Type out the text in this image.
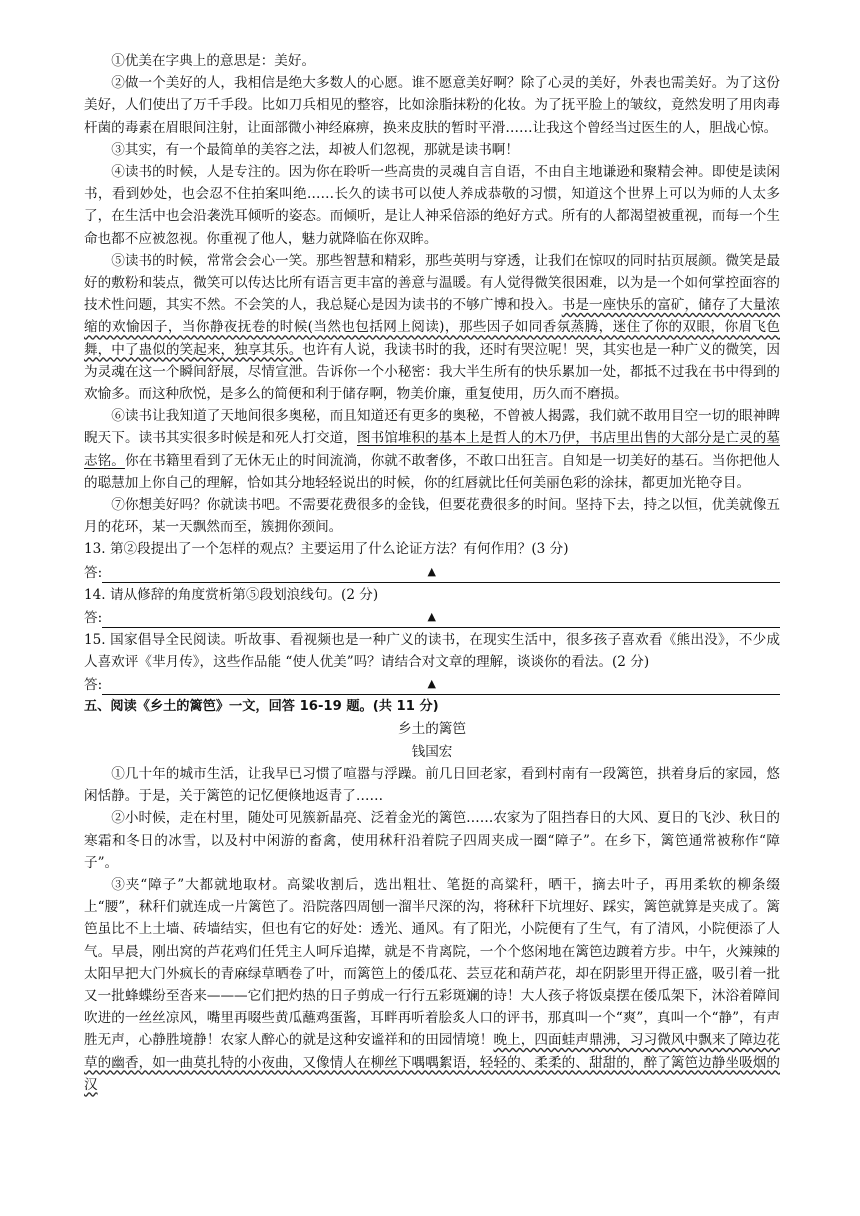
①优美在字典上的意思是：美好。

②做一个美好的人，我相信是绝大多数人的心愿。谁不愿意美好啊？除了心灵的美好，外表也需美好。为了这份美好，人们使出了万千手段。比如刀兵相见的整容，比如涂脂抹粉的化妆。为了抚平脸上的皱纹，竟然发明了用肉毒杆菌的毒素在眉眼间注射，让面部微小神经麻痹，换来皮肤的暂时平滑……让我这个曾经当过医生的人，胆战心惊。

③其实，有一个最简单的美容之法，却被人们忽视，那就是读书啊！

④读书的时候，人是专注的。因为你在聆听一些高贵的灵魂自言自语，不由自主地谦逊和聚精会神。即使是读闲书，看到妙处，也会忍不住拍案叫绝……长久的读书可以使人养成恭敬的习惯，知道这个世界上可以为师的人太多了，在生活中也会沿袭洗耳倾听的姿态。而倾听，是让人神采倍添的绝好方式。所有的人都渴望被重视，而每一个生命也都不应被忽视。你重视了他人，魅力就降临在你双眸。

⑤读书的时候，常常会会心一笑。那些智慧和精彩，那些英明与穿透，让我们在惊叹的同时拈页展颜。微笑是最好的敷粉和装点，微笑可以传达比所有语言更丰富的善意与温暖。有人觉得微笑很困难，以为是一个如何掌控面容的技术性问题，其实不然。不会笑的人，我总疑心是因为读书的不够广博和投入。书是一座快乐的富矿，储存了大量浓缩的欢愉因子，当你静夜抚卷的时候(当然也包括网上阅读)，那些因子如同香氛蒸腾，迷住了你的双眼，你眉飞色舞，中了蛊似的笑起来，独享其乐。也许有人说，我读书时的我，还时有哭泣呢！哭，其实也是一种广义的微笑，因为灵魂在这一个瞬间舒展，尽情宣泄。告诉你一个小秘密：我大半生所有的快乐累加一处，都抵不过我在书中得到的欢愉多。而这种欣悦，是多么的简便和利于储存啊，物美价廉，重复使用，历久而不磨损。

⑥读书让我知道了天地间很多奥秘，而且知道还有更多的奥秘，不曾被人揭露，我们就不敢用目空一切的眼神睥睨天下。读书其实很多时候是和死人打交道，图书馆堆积的基本上是哲人的木乃伊，书店里出售的大部分是亡灵的墓志铭。你在书籍里看到了无休无止的时间流淌，你就不敢奢侈，不敢口出狂言。自知是一切美好的基石。当你把他人的聪慧加上你自己的理解，恰如其分地轻轻说出的时候，你的红唇就比任何美丽色彩的涂抹，都更加光艳夺目。

⑦你想美好吗？你就读书吧。不需要花费很多的金钱，但要花费很多的时间。坚持下去，持之以恒，优美就像五月的花环，某一天飘然而至，簇拥你颈间。

13. 第②段提出了一个怎样的观点？主要运用了什么论证方法？有何作用？(3 分)

答:	▲

14. 请从修辞的角度赏析第⑤段划浪线句。(2 分)

答:	▲

15. 国家倡导全民阅读。听故事、看视频也是一种广义的读书，在现实生活中，很多孩子喜欢看《熊出没》，不少成人喜欢评《芈月传》，这些作品能 “使人优美”吗？请结合对文章的理解，谈谈你的看法。(2 分)

答:	▲

五、阅读《乡土的篱笆》一文，回答 16-19 题。(共 11 分)

乡土的篱笆

钱国宏

①几十年的城市生活，让我早已习惯了喧嚣与浮躁。前几日回老家，看到村南有一段篱笆，拱着身后的家园，悠闲恬静。于是，关于篱笆的记忆便倏地返青了……

②小时候，走在村里，随处可见簇新晶亮、泛着金光的篱笆……农家为了阻挡春日的大风、夏日的飞沙、秋日的寒霜和冬日的冰雪，以及村中闲游的畜禽，使用秫秆沿着院子四周夹成一圈“障子”。在乡下，篱笆通常被称作“障子”。

③夹“障子”大都就地取材。高粱收割后，选出粗壮、笔挺的高粱秆，晒干，摘去叶子，再用柔软的柳条缀上“腰”，秫秆们就连成一片篱笆了。沿院落四周刨一溜半尺深的沟，将秫秆下坑埋好、踩实，篱笆就算是夹成了。篱笆虽比不上土墙、砖墙结实，但也有它的好处：透光、通风。有了阳光，小院便有了生气，有了清风，小院便添了人气。早晨，刚出窝的芦花鸡们任凭主人呵斥追撵，就是不肯离院，一个个悠闲地在篱笆边踱着方步。中午，火辣辣的太阳早把大门外疯长的青麻绿草晒卷了叶，而篱笆上的倭瓜花、芸豆花和葫芦花，却在阴影里开得正盛，吸引着一批又一批蜂蝶纷至沓来———它们把灼热的日子剪成一行行五彩斑斓的诗！大人孩子将饭桌摆在倭瓜架下，沐浴着障间吹进的一丝丝凉风，嘴里再啜些黄瓜蘸鸡蛋酱，耳畔再听着脍炙人口的评书，那真叫一个“爽”，真叫一个“静”，有声胜无声，心静胜境静！农家人醉心的就是这种安谧祥和的田园情境！晚上，四面蛙声鼎沸，习习微风中飘来了障边花草的幽香，如一曲莫扎特的小夜曲，又像情人在柳丝下喁喁絮语，轻轻的、柔柔的、甜甜的，醉了篱笆边静坐吸烟的汉
